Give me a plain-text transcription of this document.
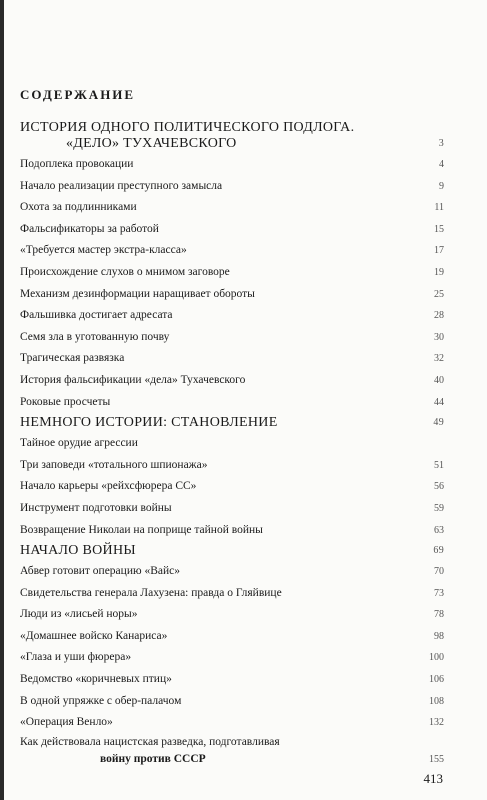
СОДЕРЖАНИЕ
ИСТОРИЯ ОДНОГО ПОЛИТИЧЕСКОГО ПОДЛОГА.
«ДЕЛО» ТУХАЧЕВСКОГО	3
Подоплека провокации	4
Начало реализации преступного замысла	9
Охота за подлинниками	11
Фальсификаторы за работой	15
«Требуется мастер экстра-класса»	17
Происхождение слухов о мнимом заговоре	19
Механизм дезинформации наращивает обороты	25
Фальшивка достигает адресата	28
Семя зла в уготованную почву	30
Трагическая развязка	32
История фальсификации «дела» Тухачевского	40
Роковые просчеты	44
НЕМНОГО ИСТОРИИ: СТАНОВЛЕНИЕ	49
Тайное орудие агрессии
Три заповеди «тотального шпионажа»	51
Начало карьеры «рейхсфюрера СС»	56
Инструмент подготовки войны	59
Возвращение Николаи на поприще тайной войны	63
НАЧАЛО ВОЙНЫ	69
Абвер готовит операцию «Вайс»	70
Свидетельства генерала Лахузена: правда о Гляйвице	73
Люди из «лисьей норы»	78
«Домашнее войско Канариса»	98
«Глаза и уши фюрера»	100
Ведомство «коричневых птиц»	106
В одной упряжке с обер-палачом	108
«Операция Венло»	132
Как действовала нацистская разведка, подготавливая
войну против СССР	155
413
